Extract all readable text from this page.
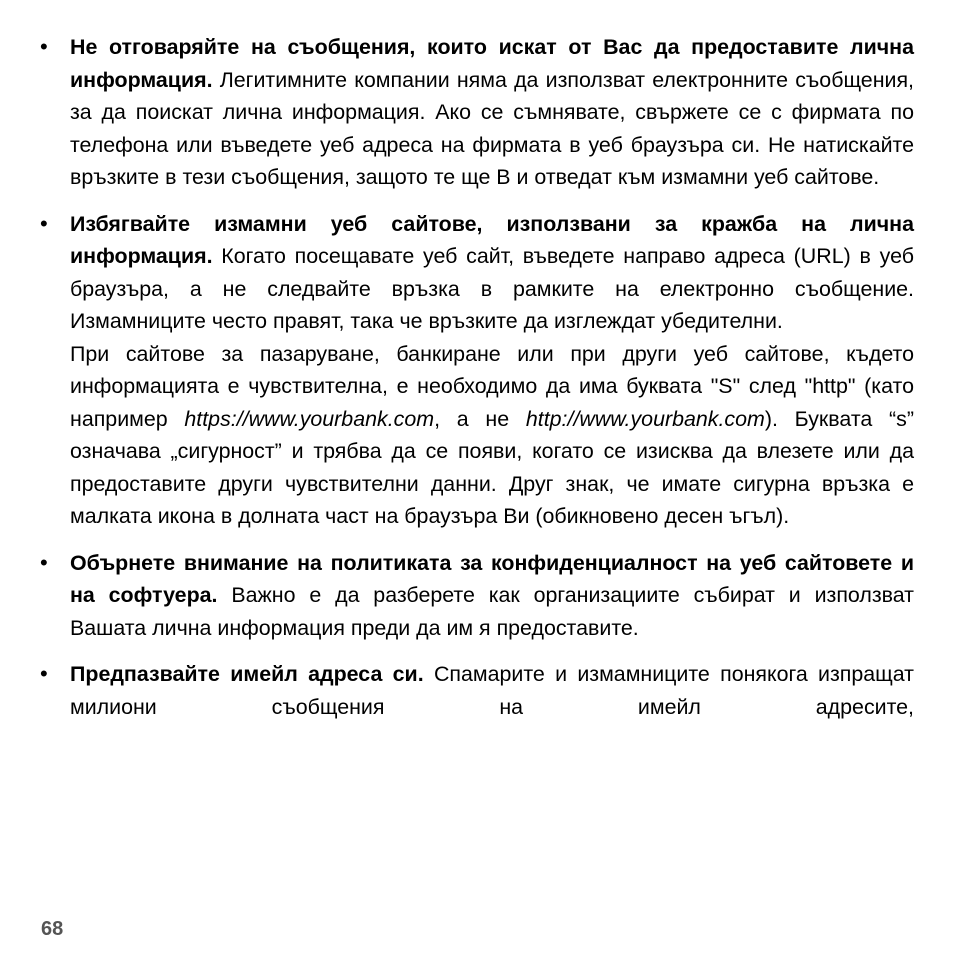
• Не отговаряйте на съобщения, които искат от Вас да предоставите лична информация. Легитимните компании няма да използват електронните съобщения, за да поискат лична информация. Ако се съмнявате, свържете се с фирмата по телефона или въведете уеб адреса на фирмата в уеб браузъра си. Не натискайте връзките в тези съобщения, защото те ще В и отведат към измамни уеб сайтове.

• Избягвайте измамни уеб сайтове, използвани за кражба на лична информация. Когато посещавате уеб сайт, въведете направо адреса (URL) в уеб браузъра, а не следвайте връзка в рамките на електронно съобщение. Измамниците често правят, така че връзките да изглеждат убедителни.

При сайтове за пазаруване, банкиране или при други уеб сайтове, където информацията е чувствителна, е необходимо да има буквата "S" след "http" (като например https://www.yourbank.com, а не http://www.yourbank.com). Буквата “s” означава „сигурност” и трябва да се появи, когато се изисква да влезете или да предоставите други чувствителни данни. Друг знак, че имате сигурна връзка е малката икона в долната част на браузъра Ви (обикновено десен ъгъл).

• Обърнете внимание на политиката за конфиденциалност на уеб сайтовете и на софтуера. Важно е да разберете как организациите събират и използват Вашата лична информация преди да им я предоставите.

• Предпазвайте имейл адреса си. Спамарите и измамниците понякога изпращат милиони съобщения на имейл адресите,

68
